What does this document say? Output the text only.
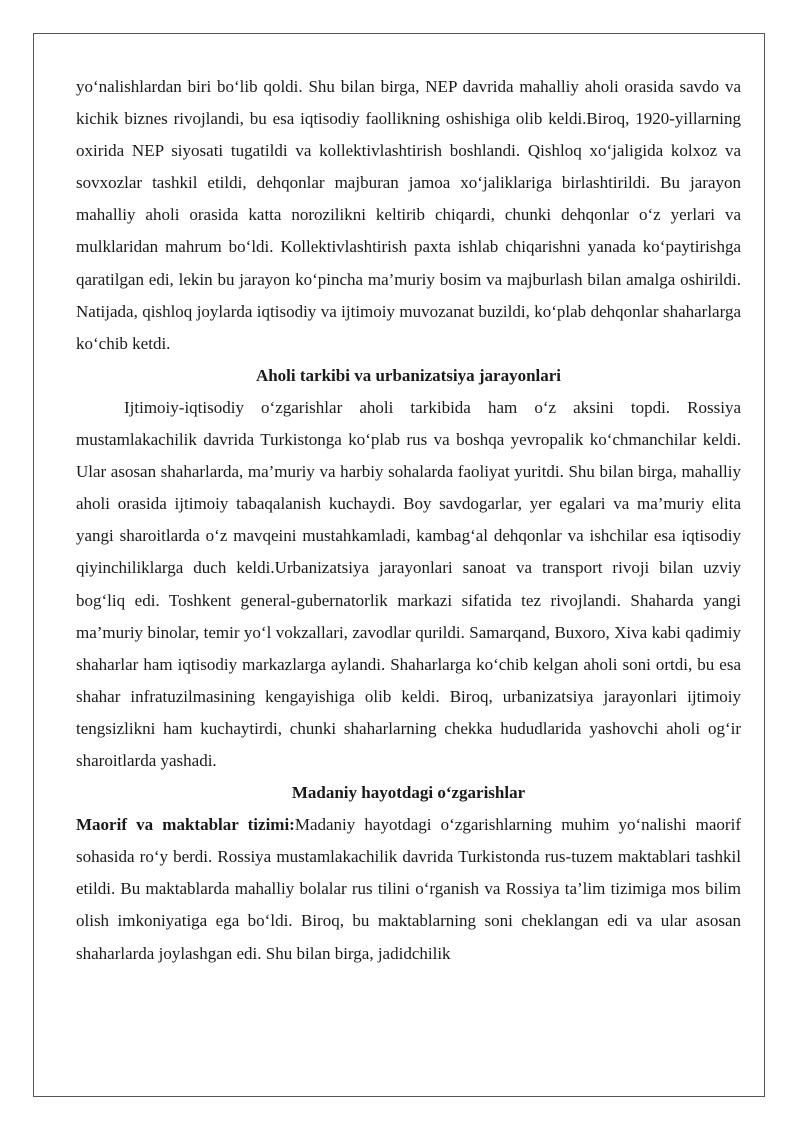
yo‘nalishlardan biri bo‘lib qoldi. Shu bilan birga, NEP davrida mahalliy aholi orasida savdo va kichik biznes rivojlandi, bu esa iqtisodiy faollikning oshishiga olib keldi.Biroq, 1920-yillarning oxirida NEP siyosati tugatildi va kollektivlashtirish boshlandi. Qishloq xo‘jaligida kolxoz va sovxozlar tashkil etildi, dehqonlar majburan jamoa xo‘jaliklariga birlashtirildi. Bu jarayon mahalliy aholi orasida katta norozilikni keltirib chiqardi, chunki dehqonlar o‘z yerlari va mulklaridan mahrum bo‘ldi. Kollektivlashtirish paxta ishlab chiqarishni yanada ko‘paytirishga qaratilgan edi, lekin bu jarayon ko‘pincha ma’muriy bosim va majburlash bilan amalga oshirildi. Natijada, qishloq joylarda iqtisodiy va ijtimoiy muvozanat buzildi, ko‘plab dehqonlar shaharlarga ko‘chib ketdi.

Aholi tarkibi va urbanizatsiya jarayonlari

Ijtimoiy-iqtisodiy o‘zgarishlar aholi tarkibida ham o‘z aksini topdi. Rossiya mustamlakachilik davrida Turkistonga ko‘plab rus va boshqa yevropalik ko‘chmanchilar keldi. Ular asosan shaharlarda, ma’muriy va harbiy sohalarda faoliyat yuritdi. Shu bilan birga, mahalliy aholi orasida ijtimoiy tabaqalanish kuchaydi. Boy savdogarlar, yer egalari va ma’muriy elita yangi sharoitlarda o‘z mavqeini mustahkamladi, kambag‘al dehqonlar va ishchilar esa iqtisodiy qiyinchiliklarga duch keldi.Urbanizatsiya jarayonlari sanoat va transport rivoji bilan uzviy bog‘liq edi. Toshkent general-gubernatorlik markazi sifatida tez rivojlandi. Shaharda yangi ma’muriy binolar, temir yo‘l vokzallari, zavodlar qurildi. Samarqand, Buxoro, Xiva kabi qadimiy shaharlar ham iqtisodiy markazlarga aylandi. Shaharlarga ko‘chib kelgan aholi soni ortdi, bu esa shahar infratuzilmasining kengayishiga olib keldi. Biroq, urbanizatsiya jarayonlari ijtimoiy tengsizlikni ham kuchaytirdi, chunki shaharlarning chekka hududlarida yashovchi aholi og‘ir sharoitlarda yashadi.

Madaniy hayotdagi o‘zgarishlar

Maorif va maktablar tizimi:Madaniy hayotdagi o‘zgarishlarning muhim yo‘nalishi maorif sohasida ro‘y berdi. Rossiya mustamlakachilik davrida Turkistonda rus-tuzem maktablari tashkil etildi. Bu maktablarda mahalliy bolalar rus tilini o‘rganish va Rossiya ta’lim tizimiga mos bilim olish imkoniyatiga ega bo‘ldi. Biroq, bu maktablarning soni cheklangan edi va ular asosan shaharlarda joylashgan edi. Shu bilan birga, jadidchilik
